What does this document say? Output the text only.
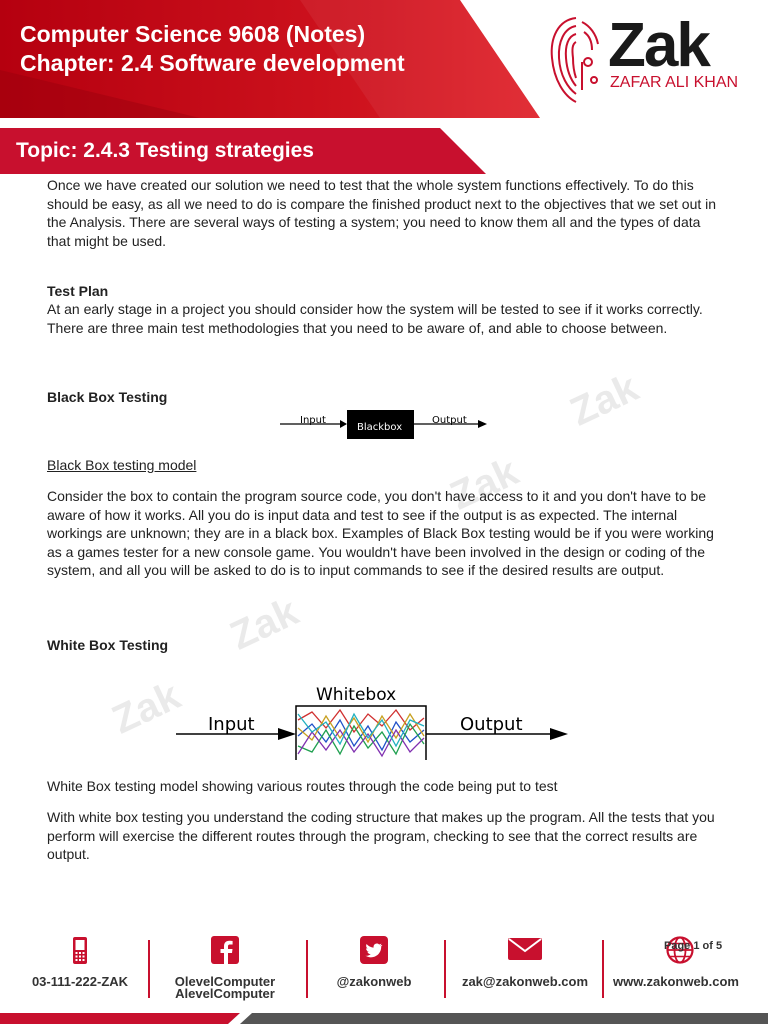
Computer Science 9608 (Notes)
Chapter: 2.4 Software development	Zak
ZAFAR ALI KHAN
Topic: 2.4.3 Testing strategies
Zak
Zak
Zak
Zak
Once we have created our solution we need to test that the whole system functions effectively. To do this should be easy, as all we need to do is compare the finished product next to the objectives that we set out in the Analysis. There are several ways of testing a system; you need to know them all and the types of data that might be used.
Test Plan
At an early stage in a project you should consider how the system will be tested to see if it works correctly. There are three main test methodologies that you need to be aware of, and able to choose between.
Black Box Testing
Input
Blackbox
Output
Black Box testing model
Consider the box to contain the program source code, you don't have access to it and you don't have to be aware of how it works. All you do is input data and test to see if the output is as expected. The internal workings are unknown; they are in a black box. Examples of Black Box testing would be if you were working as a games tester for a new console game. You wouldn't have been involved in the design or coding of the system, and all you will be asked to do is to input commands to see if the desired results are output.
White Box Testing
Whitebox
Input	Output
White Box testing model showing various routes through the code being put to test
With white box testing you understand the coding structure that makes up the program. All the tests that you perform will exercise the different routes through the program, checking to see that the correct results are output.
03-111-222-ZAK	OlevelComputer
AlevelComputer
@zakonweb	zak@zakonweb.com	www.zakonweb.com
Page 1 of 5
